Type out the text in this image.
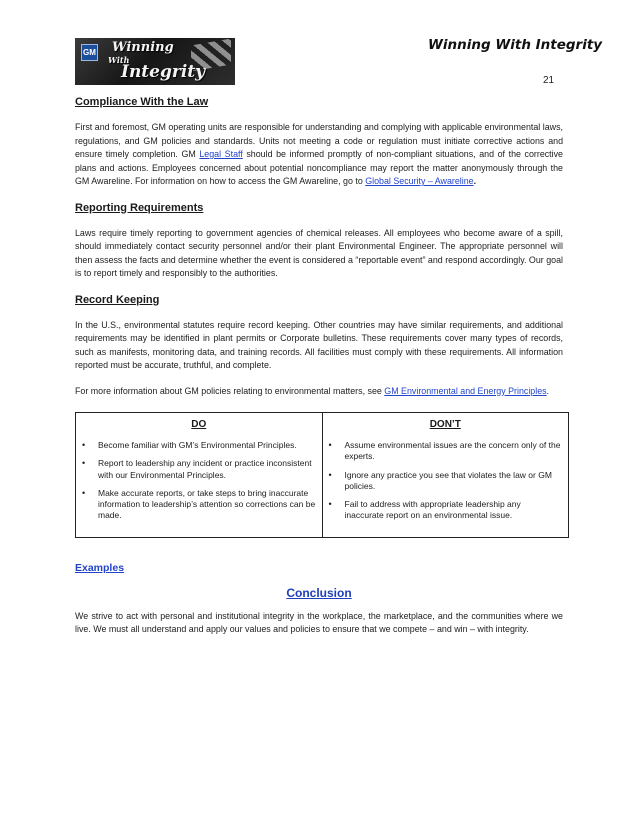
GM Winning
With
Integrity
Winning With Integrity
21
Compliance With the Law

First and foremost, GM operating units are responsible for understanding and complying with applicable environmental laws, regulations, and GM policies and standards. Units not meeting a code or regulation must initiate corrective actions and ensure timely completion. GM Legal Staff should be informed promptly of non-compliant situations, and of the corrective plans and actions. Employees concerned about potential noncompliance may report the matter anonymously through the GM Awareline. For information on how to access the GM Awareline, go to Global Security – Awareline.

Reporting Requirements

Laws require timely reporting to government agencies of chemical releases. All employees who become aware of a spill, should immediately contact security personnel and/or their plant Environmental Engineer. The appropriate personnel will then assess the facts and determine whether the event is considered a “reportable event” and respond accordingly. Our goal is to report timely and responsibly to the authorities.

Record Keeping

In the U.S., environmental statutes require record keeping. Other countries may have similar requirements, and additional requirements may be identified in plant permits or Corporate bulletins. These requirements cover many types of records, such as manifests, monitoring data, and training records. All facilities must comply with these requirements. All information reported must be accurate, truthful, and complete.

For more information about GM policies relating to environmental matters, see GM Environmental and Energy Principles.

DO
• Become familiar with GM’s Environmental Principles.
• Report to leadership any incident or practice inconsistent with our Environmental Principles.
• Make accurate reports, or take steps to bring inaccurate information to leadership’s attention so corrections can be made.
DON’T
• Assume environmental issues are the concern only of the experts.
• Ignore any practice you see that violates the law or GM policies.
• Fail to address with appropriate leadership any inaccurate report on an environmental issue.
Examples
Conclusion

We strive to act with personal and institutional integrity in the workplace, the marketplace, and the communities where we live. We must all understand and apply our values and policies to ensure that we compete – and win – with integrity.
